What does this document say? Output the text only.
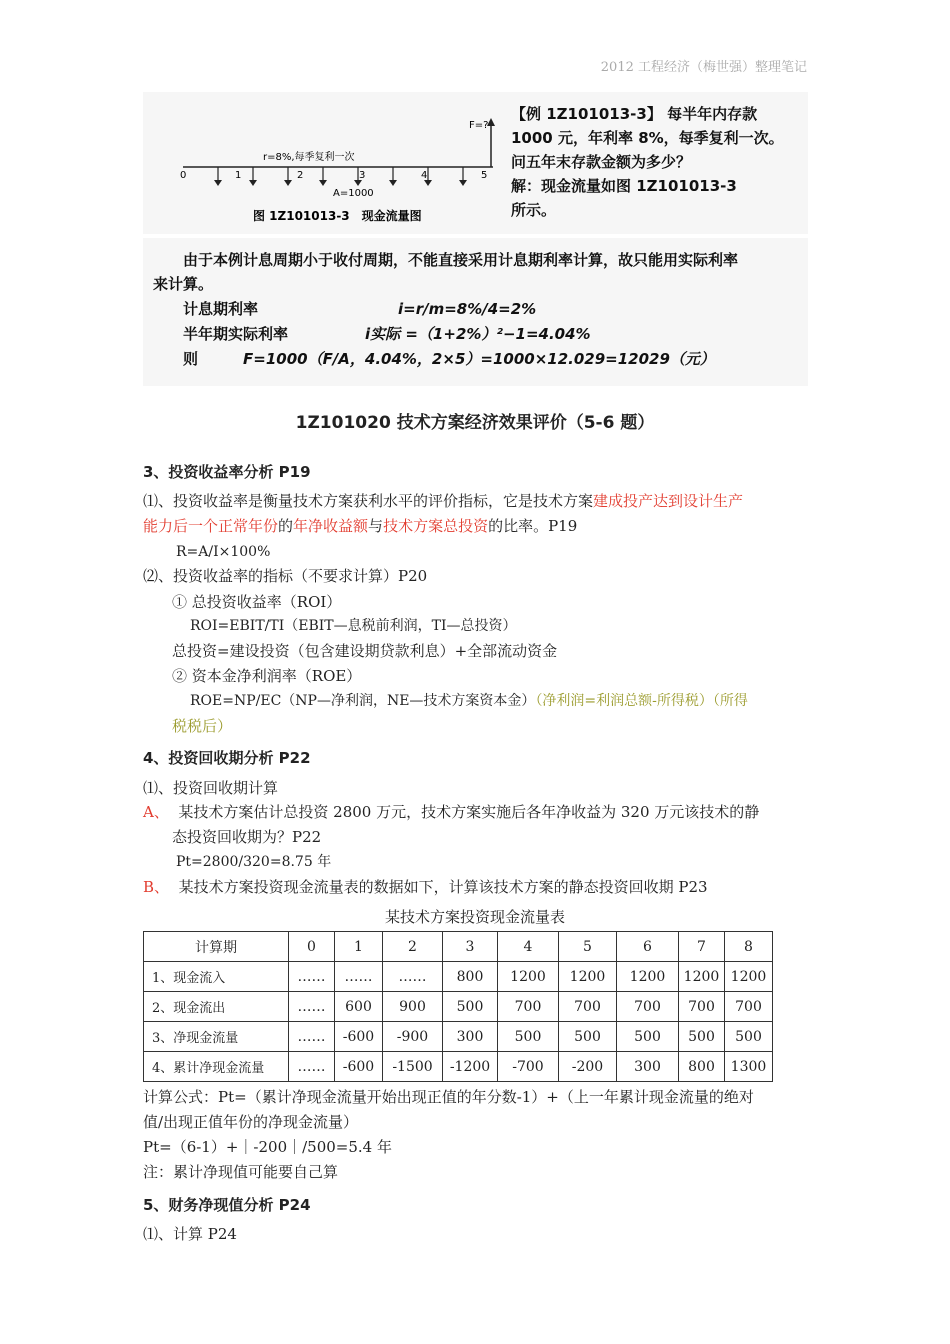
2012 工程经济（梅世强）整理笔记
0	1	2	3	4	5
r=8%,每季复利一次
A=1000
F=?
图 1Z101013-3　现金流量图
【例 1Z101013-3】 每半年内存款
1000 元，年利率 8%，每季复利一次。
问五年末存款金额为多少？
解：现金流量如图 1Z101013-3
所示。
由于本例计息周期小于收付周期，不能直接采用计息期利率计算，故只能用实际利率
来计算。
计息期利率	i=r/m=8%/4=2%
半年期实际利率	i实际 =（1+2%）²−1=4.04%
则	F=1000（F/A，4.04%，2×5）=1000×12.029=12029（元）
1Z101020 技术方案经济效果评价（5-6 题）
3、投资收益率分析 P19
⑴、投资收益率是衡量技术方案获利水平的评价指标，它是技术方案建成投产达到设计生产
能力后一个正常年份的年净收益额与技术方案总投资的比率。P19
R=A/I×100%
⑵、投资收益率的指标（不要求计算）P20
① 总投资收益率（ROI）
ROI=EBIT/TI（EBIT—息税前利润，TI—总投资）
总投资=建设投资（包含建设期贷款利息）+全部流动资金
② 资本金净利润率（ROE）
ROE=NP/EC（NP—净利润，NE—技术方案资本金）（净利润=利润总额-所得税）（所得
税税后）
4、投资回收期分析 P22
⑴、投资回收期计算
A、 某技术方案估计总投资 2800 万元，技术方案实施后各年净收益为 320 万元该技术的静
态投资回收期为？P22
Pt=2800/320=8.75 年
B、 某技术方案投资现金流量表的数据如下，计算该技术方案的静态投资回收期 P23
某技术方案投资现金流量表
计算期	0	1	2	3	4	5	6	7	8
1、现金流入	……	……	……	800	1200	1200	1200	1200	1200
2、现金流出	……	600	900	500	700	700	700	700	700
3、净现金流量	……	-600	-900	300	500	500	500	500	500
4、累计净现金流量	……	-600	-1500	-1200	-700	-200	300	800	1300
计算公式：Pt=（累计净现金流量开始出现正值的年分数-1）+（上一年累计现金流量的绝对
值/出现正值年份的净现金流量）
Pt=（6-1）+｜-200｜/500=5.4 年
注：累计净现值可能要自己算
5、财务净现值分析 P24
⑴、计算 P24
